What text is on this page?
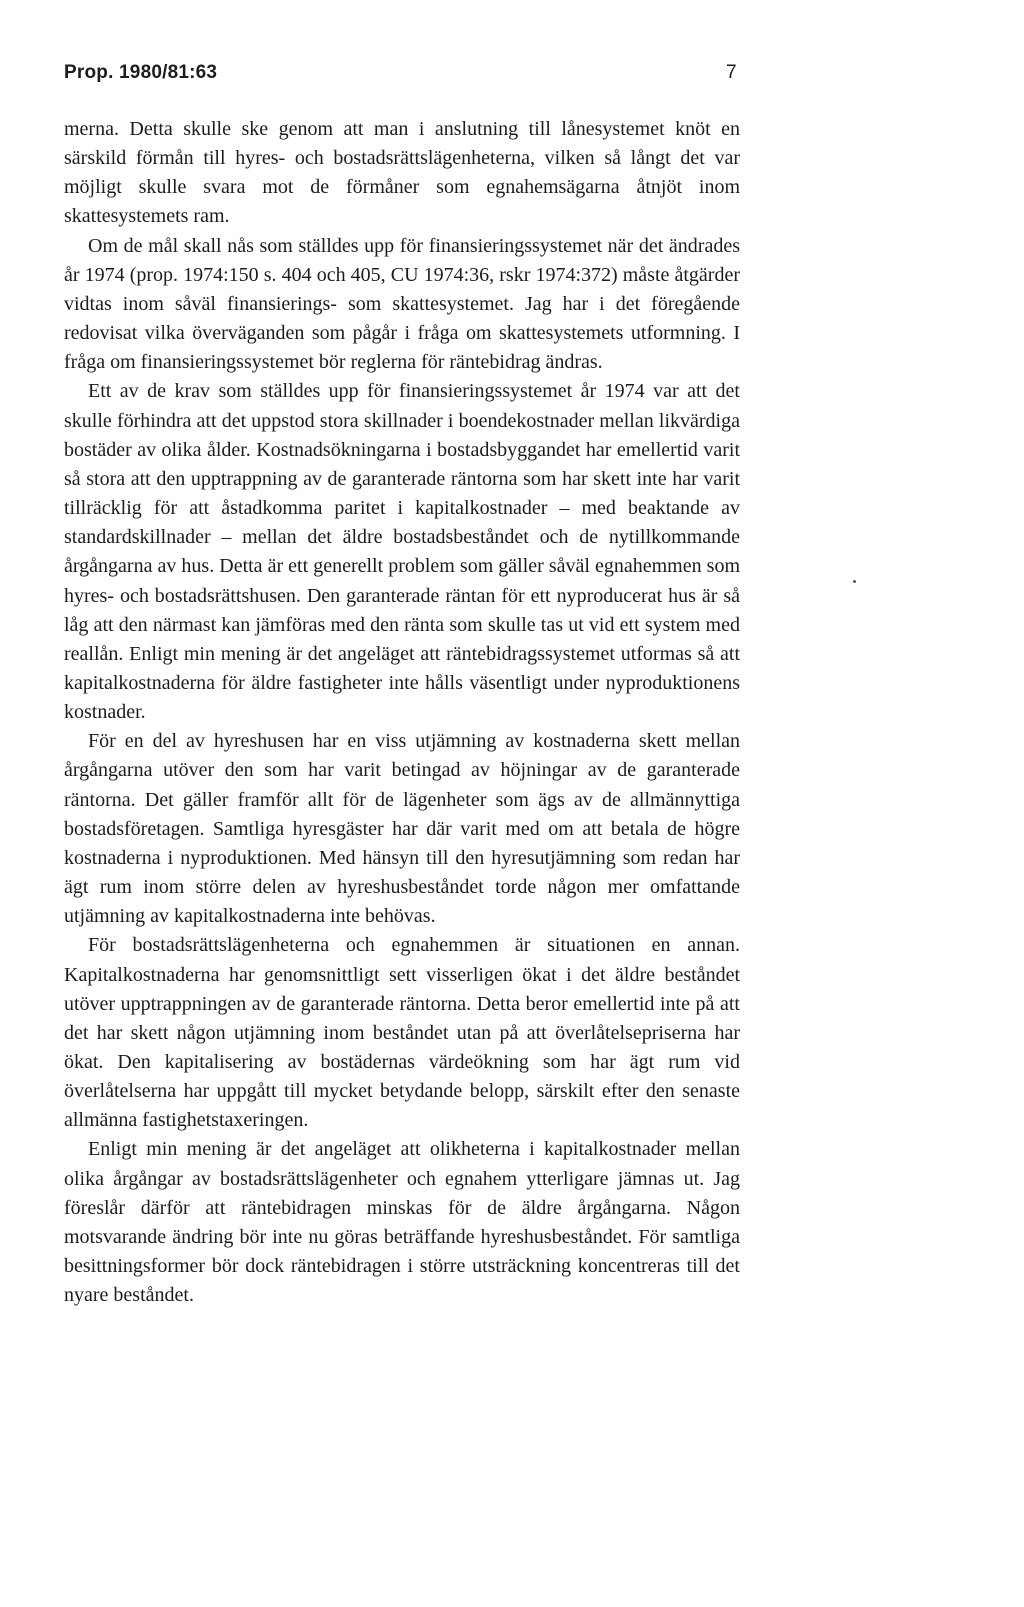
Prop. 1980/81:63	7

merna. Detta skulle ske genom att man i anslutning till lånesystemet knöt en särskild förmån till hyres- och bostadsrättslägenheterna, vilken så långt det var möjligt skulle svara mot de förmåner som egnahemsägarna åtnjöt inom skattesystemets ram.

Om de mål skall nås som ställdes upp för finansieringssystemet när det ändrades år 1974 (prop. 1974:150 s. 404 och 405, CU 1974:36, rskr 1974:372) måste åtgärder vidtas inom såväl finansierings- som skattesystemet. Jag har i det föregående redovisat vilka överväganden som pågår i fråga om skattesystemets utformning. I fråga om finansieringssystemet bör reglerna för räntebidrag ändras.

Ett av de krav som ställdes upp för finansieringssystemet år 1974 var att det skulle förhindra att det uppstod stora skillnader i boendekostnader mellan likvärdiga bostäder av olika ålder. Kostnadsökningarna i bostadsbyggandet har emellertid varit så stora att den upptrappning av de garanterade räntorna som har skett inte har varit tillräcklig för att åstadkomma paritet i kapitalkostnader – med beaktande av standardskillnader – mellan det äldre bostadsbeståndet och de nytillkommande årgångarna av hus. Detta är ett generellt problem som gäller såväl egnahemmen som hyres- och bostadsrättshusen. Den garanterade räntan för ett nyproducerat hus är så låg att den närmast kan jämföras med den ränta som skulle tas ut vid ett system med reallån. Enligt min mening är det angeläget att räntebidragssystemet utformas så att kapitalkostnaderna för äldre fastigheter inte hålls väsentligt under nyproduktionens kostnader.

För en del av hyreshusen har en viss utjämning av kostnaderna skett mellan årgångarna utöver den som har varit betingad av höjningar av de garanterade räntorna. Det gäller framför allt för de lägenheter som ägs av de allmännyttiga bostadsföretagen. Samtliga hyresgäster har där varit med om att betala de högre kostnaderna i nyproduktionen. Med hänsyn till den hyresutjämning som redan har ägt rum inom större delen av hyreshusbeståndet torde någon mer omfattande utjämning av kapitalkostnaderna inte behövas.

För bostadsrättslägenheterna och egnahemmen är situationen en annan. Kapitalkostnaderna har genomsnittligt sett visserligen ökat i det äldre beståndet utöver upptrappningen av de garanterade räntorna. Detta beror emellertid inte på att det har skett någon utjämning inom beståndet utan på att överlåtelsepriserna har ökat. Den kapitalisering av bostädernas värdeökning som har ägt rum vid överlåtelserna har uppgått till mycket betydande belopp, särskilt efter den senaste allmänna fastighetstaxeringen.

Enligt min mening är det angeläget att olikheterna i kapitalkostnader mellan olika årgångar av bostadsrättslägenheter och egnahem ytterligare jämnas ut. Jag föreslår därför att räntebidragen minskas för de äldre årgångarna. Någon motsvarande ändring bör inte nu göras beträffande hyreshusbeståndet. För samtliga besittningsformer bör dock räntebidragen i större utsträckning koncentreras till det nyare beståndet.
